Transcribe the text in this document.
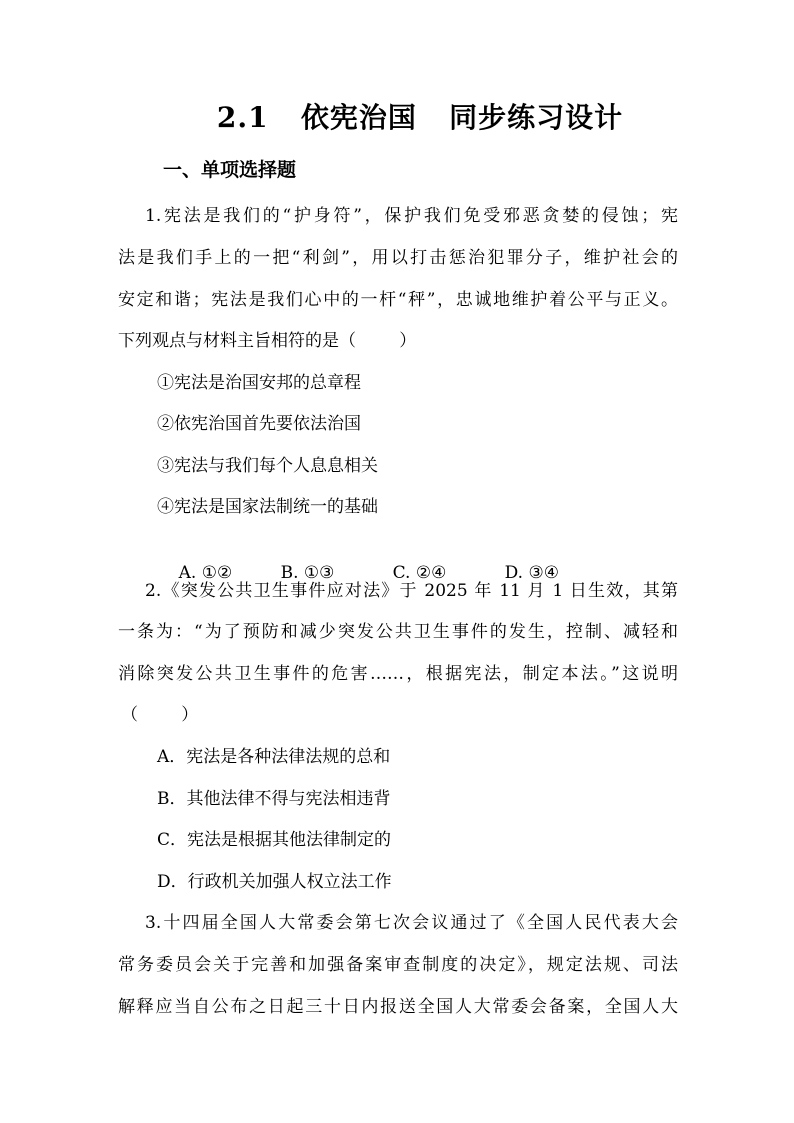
2.1   依宪治国   同步练习设计
一、单项选择题
1.宪法是我们的“护身符”，保护我们免受邪恶贪婪的侵蚀；宪
法是我们手上的一把“利剑”，用以打击惩治犯罪分子，维护社会的
安定和谐；宪法是我们心中的一杆“秤”，忠诚地维护着公平与正义。
下列观点与材料主旨相符的是（        ）
①宪法是治国安邦的总章程
②依宪治国首先要依法治国
③宪法与我们每个人息息相关
④宪法是国家法制统一的基础

A. ①②	B. ①③	C. ②④	D. ③④

2.《突发公共卫生事件应对法》于 2025 年 11 月 1 日生效，其第
一条为：“为了预防和减少突发公共卫生事件的发生，控制、减轻和
消除突发公共卫生事件的危害……，根据宪法，制定本法。”这说明
（        ）
A．宪法是各种法律法规的总和
B．其他法律不得与宪法相违背
C．宪法是根据其他法律制定的
D．行政机关加强人权立法工作
3.十四届全国人大常委会第七次会议通过了《全国人民代表大会
常务委员会关于完善和加强备案审查制度的决定》，规定法规、司法
解释应当自公布之日起三十日内报送全国人大常委会备案，全国人大
